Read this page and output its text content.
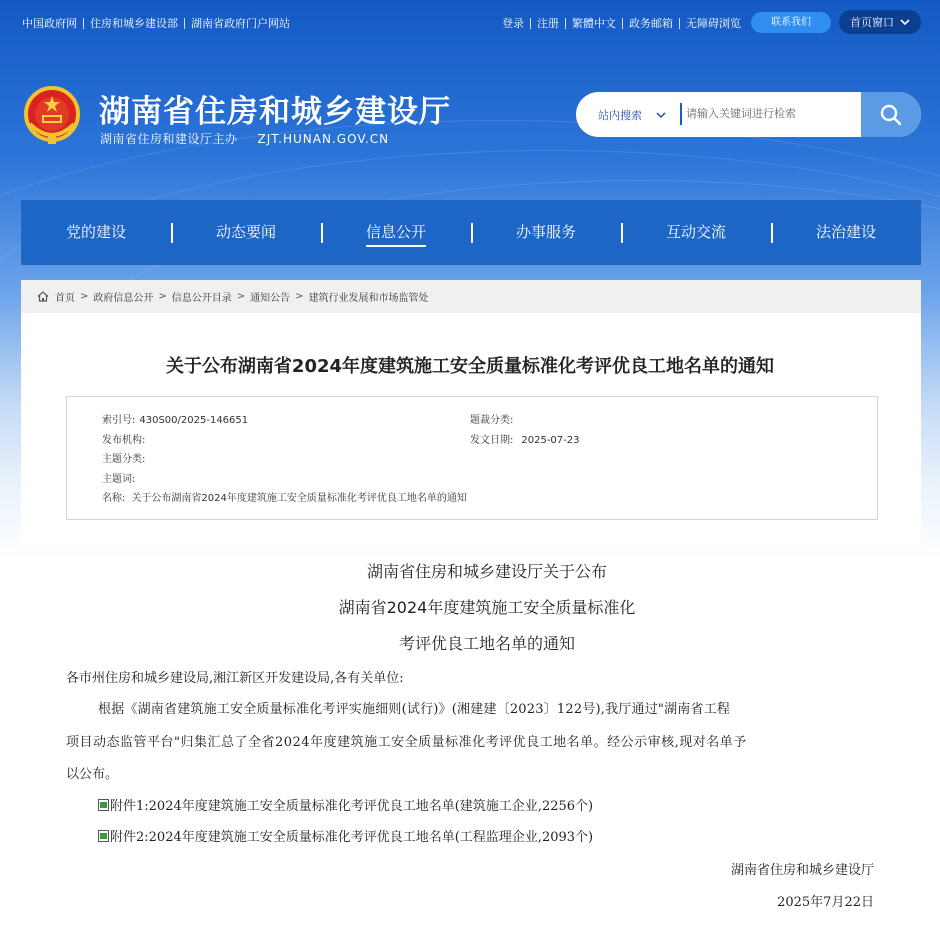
中国政府网 住房和城乡建设部 湖南省政府门户网站	登录 注册 繁體中文 政务邮箱 无障碍浏览	联系我们	首页窗口
湖南省住房和城乡建设厅
湖南省住房和建设厅主办 ZJT.HUNAN.GOV.CN
站内搜索
请输入关键词进行检索
党的建设	动态要闻	信息公开	办事服务	互动交流	法治建设
首页 > 政府信息公开 > 信息公开目录 > 通知公告 > 建筑行业发展和市场监管处
关于公布湖南省2024年度建筑施工安全质量标准化考评优良工地名单的通知
索引号: 430S00/2025-146651	题裁分类:
发布机构:	发文日期: 2025-07-23
主题分类:
主题词:
名称: 关于公布湖南省2024年度建筑施工安全质量标准化考评优良工地名单的通知
湖南省住房和城乡建设厅关于公布
湖南省2024年度建筑施工安全质量标准化
考评优良工地名单的通知
各市州住房和城乡建设局,湘江新区开发建设局,各有关单位:
根据《湖南省建筑施工安全质量标准化考评实施细则(试行)》(湘建建〔2023〕122号),我厅通过"湖南省工程
项目动态监管平台"归集汇总了全省2024年度建筑施工安全质量标准化考评优良工地名单。经公示审核,现对名单予
以公布。
附件1:2024年度建筑施工安全质量标准化考评优良工地名单(建筑施工企业,2256个)
附件2:2024年度建筑施工安全质量标准化考评优良工地名单(工程监理企业,2093个)
湖南省住房和城乡建设厅
2025年7月22日
